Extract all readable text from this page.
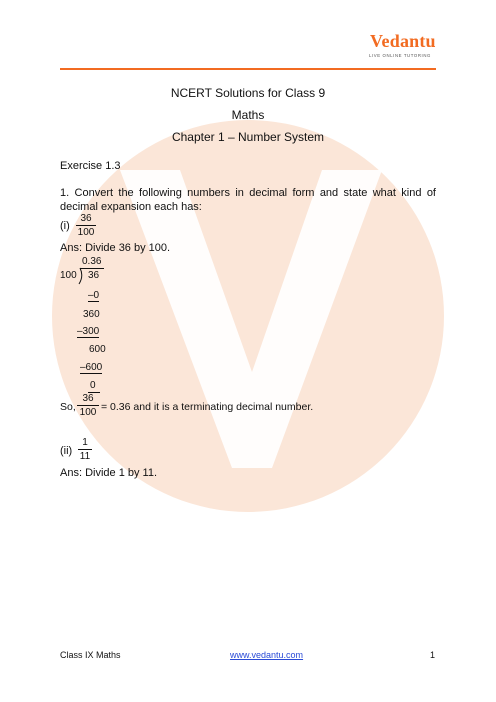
Vedantu
LIVE ONLINE TUTORING
NCERT Solutions for Class 9
Maths
Chapter 1 – Number System
Exercise 1.3
1. Convert the following numbers in decimal form and state what kind of decimal expansion each has:
(i)
36
100
Ans: Divide 36 by 100.
0.36
100 36
–0
360
–300
600
–600
0
So,
36
100 = 0.36 and it is a terminating decimal number.
(ii)
1
11
Ans: Divide 1 by 11.
Class IX Maths	www.vedantu.com	1
